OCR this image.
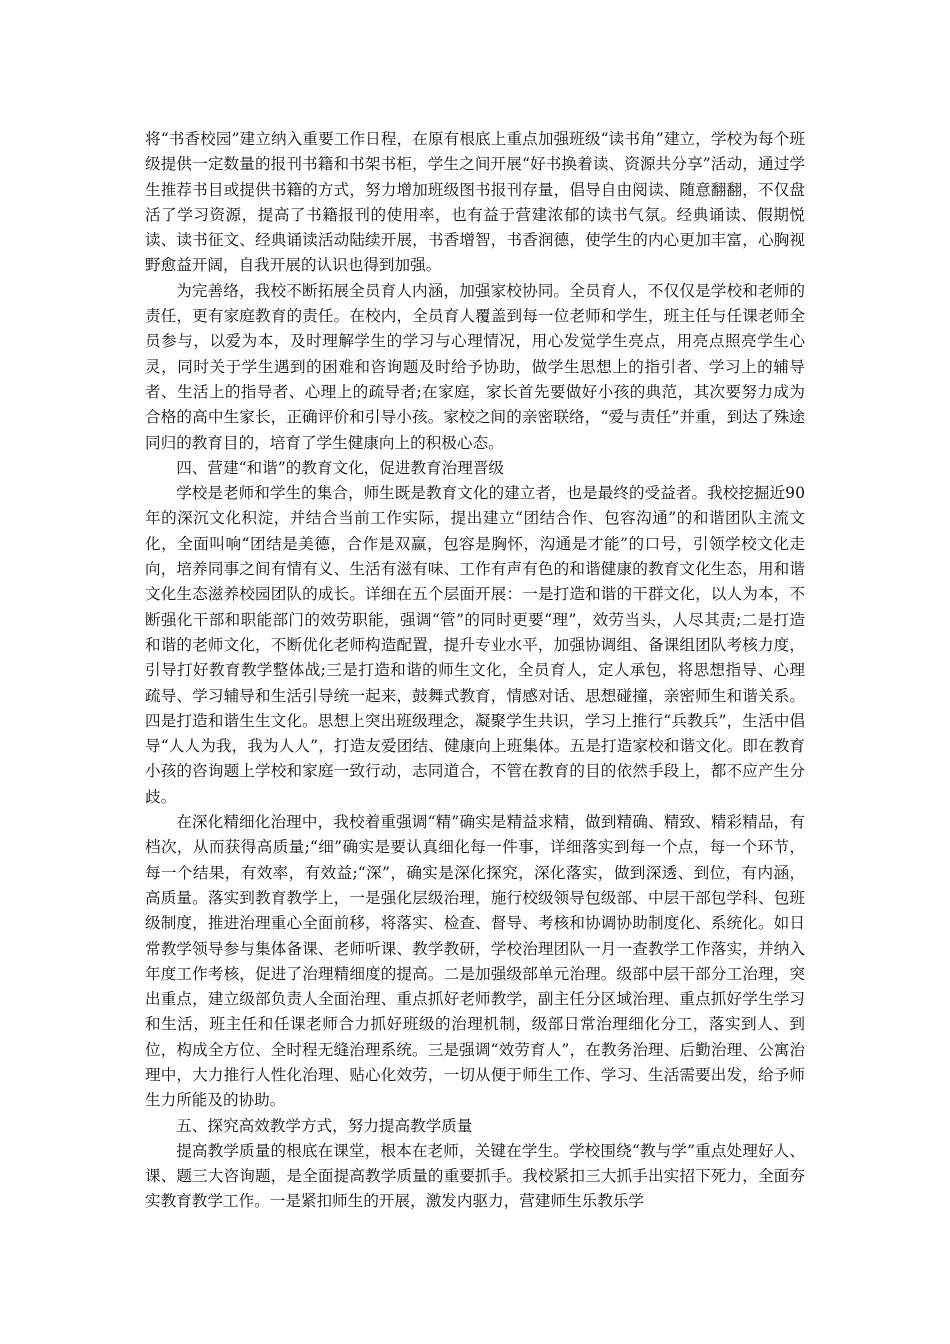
将“书香校园”建立纳入重要工作日程，在原有根底上重点加强班级“读书角”建立，学校为每个班级提供一定数量的报刊书籍和书架书柜，学生之间开展“好书换着读、资源共分享”活动，通过学生推荐书目或提供书籍的方式，努力增加班级图书报刊存量，倡导自由阅读、随意翻翻，不仅盘活了学习资源，提高了书籍报刊的使用率，也有益于营建浓郁的读书气氛。经典诵读、假期悦读、读书征文、经典诵读活动陆续开展，书香增智，书香润德，使学生的内心更加丰富，心胸视野愈益开阔，自我开展的认识也得到加强。

为完善络，我校不断拓展全员育人内涵，加强家校协同。全员育人，不仅仅是学校和老师的责任，更有家庭教育的责任。在校内，全员育人覆盖到每一位老师和学生，班主任与任课老师全员参与，以爱为本，及时理解学生的学习与心理情况，用心发觉学生亮点，用亮点照亮学生心灵，同时关于学生遇到的困难和咨询题及时给予协助，做学生思想上的指引者、学习上的辅导者、生活上的指导者、心理上的疏导者;在家庭，家长首先要做好小孩的典范，其次要努力成为合格的高中生家长，正确评价和引导小孩。家校之间的亲密联络，“爱与责任”并重，到达了殊途同归的教育目的，培育了学生健康向上的积极心态。

四、营建“和谐”的教育文化，促进教育治理晋级

学校是老师和学生的集合，师生既是教育文化的建立者，也是最终的受益者。我校挖掘近90年的深沉文化积淀，并结合当前工作实际，提出建立“团结合作、包容沟通”的和谐团队主流文化，全面叫响“团结是美德，合作是双赢，包容是胸怀，沟通是才能”的口号，引领学校文化走向，培养同事之间有情有义、生活有滋有味、工作有声有色的和谐健康的教育文化生态，用和谐文化生态滋养校园团队的成长。详细在五个层面开展：一是打造和谐的干群文化，以人为本，不断强化干部和职能部门的效劳职能，强调“管”的同时更要“理”，效劳当头，人尽其责;二是打造和谐的老师文化，不断优化老师构造配置，提升专业水平，加强协调组、备课组团队考核力度，引导打好教育教学整体战;三是打造和谐的师生文化，全员育人，定人承包，将思想指导、心理疏导、学习辅导和生活引导统一起来，鼓舞式教育，情感对话、思想碰撞，亲密师生和谐关系。四是打造和谐生生文化。思想上突出班级理念，凝聚学生共识，学习上推行“兵教兵”，生活中倡导“人人为我，我为人人”，打造友爱团结、健康向上班集体。五是打造家校和谐文化。即在教育小孩的咨询题上学校和家庭一致行动，志同道合，不管在教育的目的依然手段上，都不应产生分歧。

在深化精细化治理中，我校着重强调“精”确实是精益求精，做到精确、精致、精彩精品，有档次，从而获得高质量;“细”确实是要认真细化每一件事，详细落实到每一个点，每一个环节，每一个结果，有效率，有效益;“深”，确实是深化探究，深化落实，做到深透、到位，有内涵，高质量。落实到教育教学上，一是强化层级治理，施行校级领导包级部、中层干部包学科、包班级制度，推进治理重心全面前移，将落实、检查、督导、考核和协调协助制度化、系统化。如日常教学领导参与集体备课、老师听课、教学教研，学校治理团队一月一查教学工作落实，并纳入年度工作考核，促进了治理精细度的提高。二是加强级部单元治理。级部中层干部分工治理，突出重点，建立级部负责人全面治理、重点抓好老师教学，副主任分区域治理、重点抓好学生学习和生活，班主任和任课老师合力抓好班级的治理机制，级部日常治理细化分工，落实到人、到位，构成全方位、全时程无缝治理系统。三是强调“效劳育人”，在教务治理、后勤治理、公寓治理中，大力推行人性化治理、贴心化效劳，一切从便于师生工作、学习、生活需要出发，给予师生力所能及的协助。

五、探究高效教学方式，努力提高教学质量

提高教学质量的根底在课堂，根本在老师，关键在学生。学校围绕“教与学”重点处理好人、课、题三大咨询题，是全面提高教学质量的重要抓手。我校紧扣三大抓手出实招下死力，全面夯实教育教学工作。一是紧扣师生的开展，激发内驱力，营建师生乐教乐学
